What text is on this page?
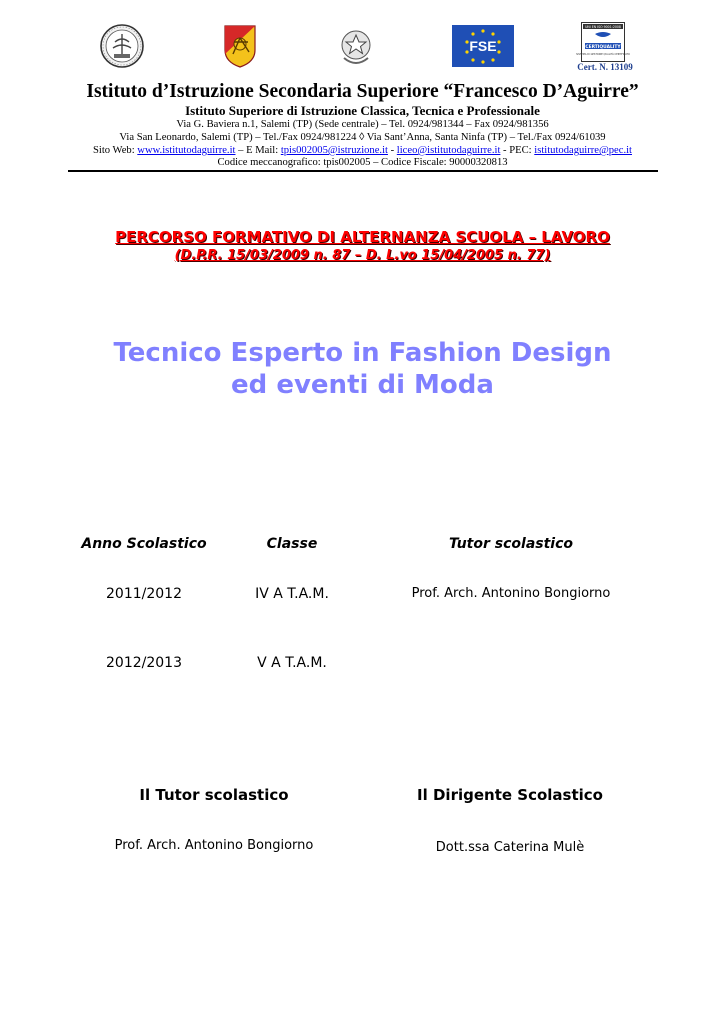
FSE
UNI EN ISO 9001:2008
CERTIQUALITY
SISTEMA DI GESTIONE QUALITÀ CERTIFICATO
Cert. N. 13109
Istituto d’Istruzione Secondaria Superiore “Francesco D’Aguirre”
Istituto Superiore di Istruzione Classica, Tecnica e Professionale
Via G. Baviera n.1, Salemi (TP) (Sede centrale) – Tel. 0924/981344 – Fax 0924/981356
Via San Leonardo, Salemi (TP) – Tel./Fax 0924/981224 ◊ Via Sant’Anna, Santa Ninfa (TP) – Tel./Fax 0924/61039
Sito Web: www.istitutodaguirre.it – E Mail: tpis002005@istruzione.it - liceo@istitutodaguirre.it - PEC: istitutodaguirre@pec.it
Codice meccanografico: tpis002005 – Codice Fiscale: 90000320813
PERCORSO FORMATIVO DI ALTERNANZA SCUOLA – LAVORO
(D.P.R. 15/03/2009 n. 87 – D. L.vo 15/04/2005 n. 77)
Tecnico Esperto in Fashion Design
ed eventi di Moda
Anno Scolastico	Classe	Tutor scolastico
2011/2012	IV A T.A.M.	Prof. Arch. Antonino Bongiorno
2012/2013	V A T.A.M.
Il Tutor scolastico	Il Dirigente Scolastico
Prof. Arch. Antonino Bongiorno	Dott.ssa Caterina Mulè
